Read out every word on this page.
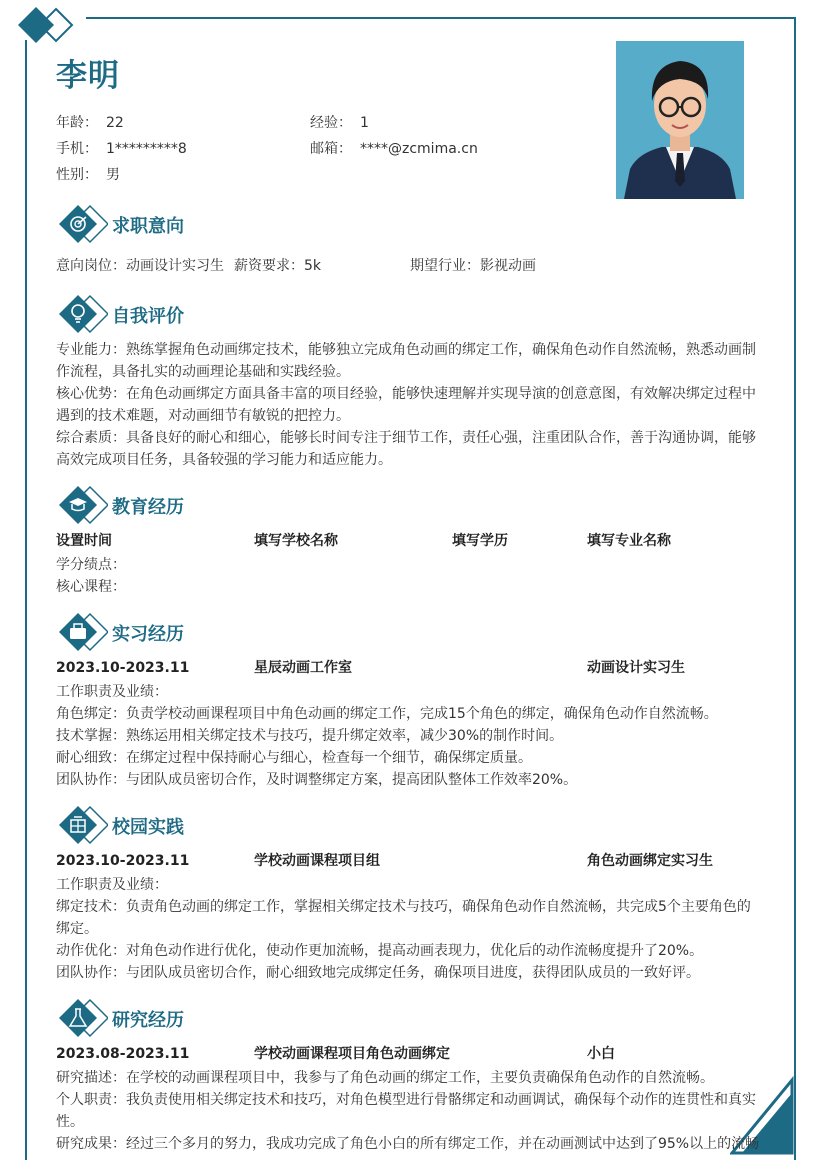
李明
年龄： 22	经验： 1
手机： 1*********8	邮箱： ****@zcmima.cn
性别： 男
求职意向
意向岗位：动画设计实习生 薪资要求：5k	期望行业：影视动画
自我评价
专业能力：熟练掌握角色动画绑定技术，能够独立完成角色动画的绑定工作，确保角色动作自然流畅，熟悉动画制
作流程，具备扎实的动画理论基础和实践经验。
核心优势：在角色动画绑定方面具备丰富的项目经验，能够快速理解并实现导演的创意意图，有效解决绑定过程中
遇到的技术难题，对动画细节有敏锐的把控力。
综合素质：具备良好的耐心和细心，能够长时间专注于细节工作，责任心强，注重团队合作，善于沟通协调，能够
高效完成项目任务，具备较强的学习能力和适应能力。
教育经历
设置时间	填写学校名称	填写学历	填写专业名称
学分绩点：
核心课程：
实习经历
2023.10-2023.11	星辰动画工作室	动画设计实习生
工作职责及业绩：
角色绑定：负责学校动画课程项目中角色动画的绑定工作，完成15个角色的绑定，确保角色动作自然流畅。
技术掌握：熟练运用相关绑定技术与技巧，提升绑定效率，减少30%的制作时间。
耐心细致：在绑定过程中保持耐心与细心，检查每一个细节，确保绑定质量。
团队协作：与团队成员密切合作，及时调整绑定方案，提高团队整体工作效率20%。
校园实践
2023.10-2023.11	学校动画课程项目组	角色动画绑定实习生
工作职责及业绩：
绑定技术：负责角色动画的绑定工作，掌握相关绑定技术与技巧，确保角色动作自然流畅，共完成5个主要角色的
绑定。
动作优化：对角色动作进行优化，使动作更加流畅，提高动画表现力，优化后的动作流畅度提升了20%。
团队协作：与团队成员密切合作，耐心细致地完成绑定任务，确保项目进度，获得团队成员的一致好评。
研究经历
2023.08-2023.11	学校动画课程项目角色动画绑定	小白
研究描述：在学校的动画课程项目中，我参与了角色动画的绑定工作，主要负责确保角色动作的自然流畅。
个人职责：我负责使用相关绑定技术和技巧，对角色模型进行骨骼绑定和动画调试，确保每个动作的连贯性和真实
性。
研究成果：经过三个多月的努力，我成功完成了角色小白的所有绑定工作，并在动画测试中达到了95%以上的流畅
